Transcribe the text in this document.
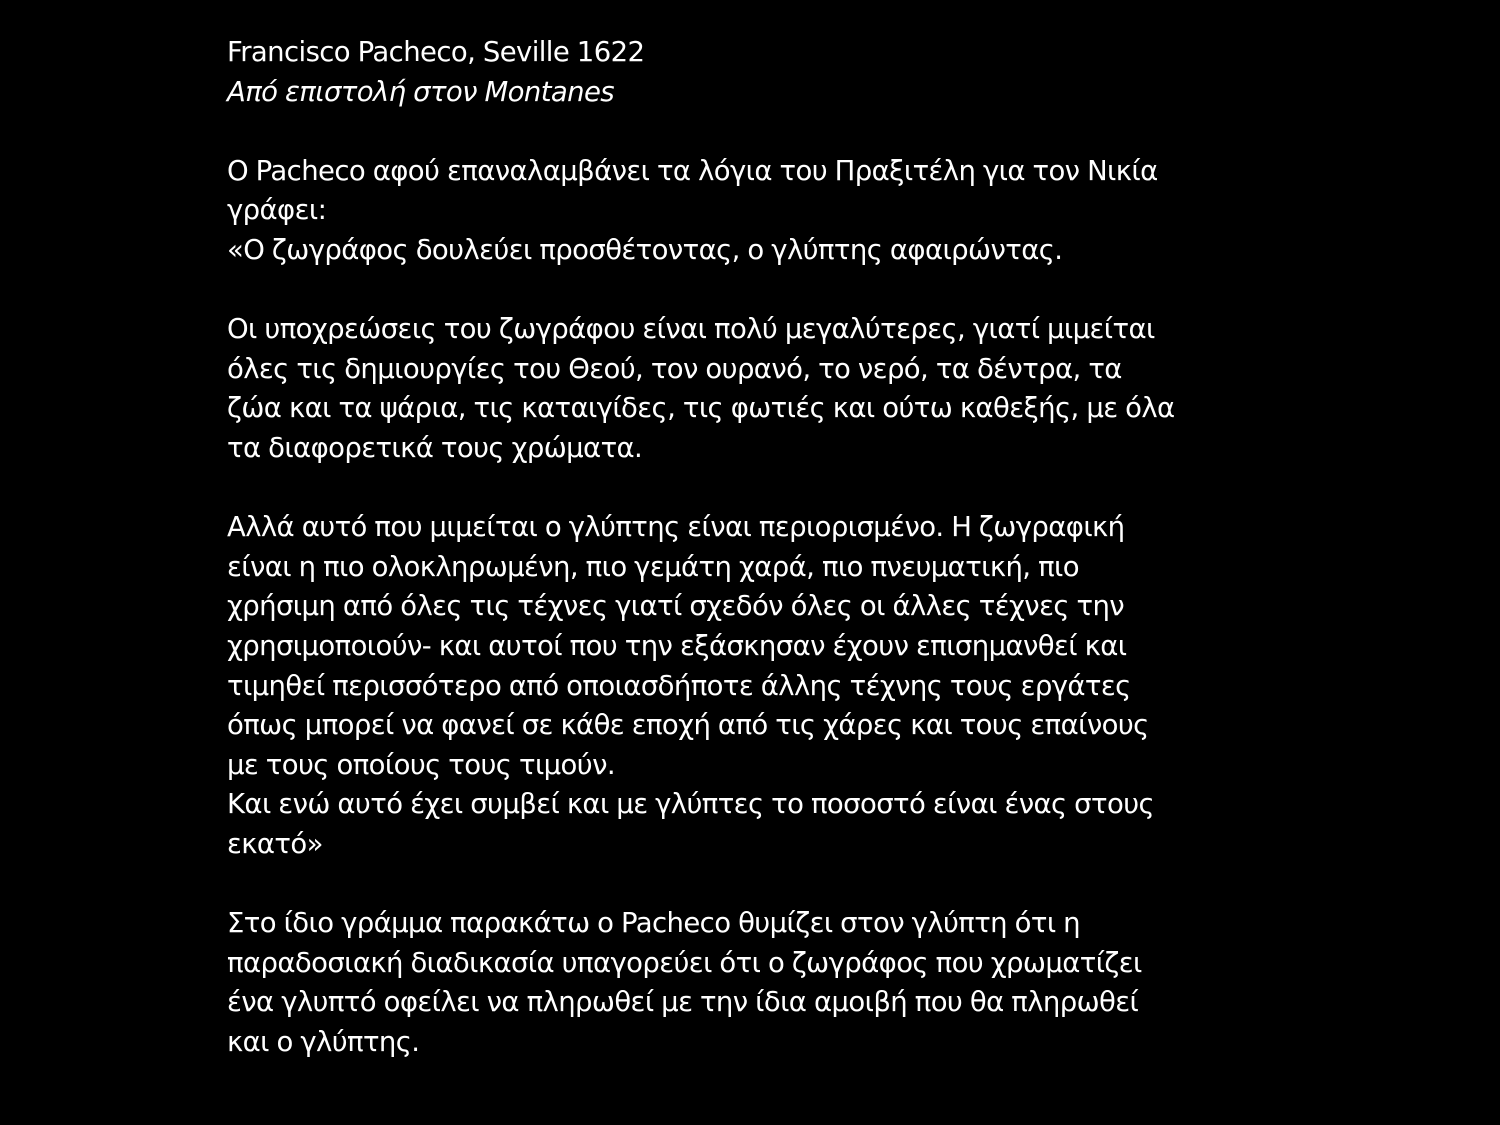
Francisco Pacheco, Seville 1622
Από επιστολή στον Montanes
O Pacheco αφού επαναλαμβάνει τα λόγια του Πραξιτέλη για τον Νικία
γράφει:
«Ο ζωγράφος δουλεύει προσθέτοντας, ο γλύπτης αφαιρώντας.
Οι υποχρεώσεις του ζωγράφου είναι πολύ μεγαλύτερες, γιατί μιμείται
όλες τις δημιουργίες του Θεού, τον ουρανό, το νερό, τα δέντρα, τα
ζώα και τα ψάρια, τις καταιγίδες, τις φωτιές και ούτω καθεξής, με όλα
τα διαφορετικά τους χρώματα.
Αλλά αυτό που μιμείται ο γλύπτης είναι περιορισμένο. Η ζωγραφική
είναι η πιο ολοκληρωμένη, πιο γεμάτη χαρά, πιο πνευματική, πιο
χρήσιμη από όλες τις τέχνες γιατί σχεδόν όλες οι άλλες τέχνες την
χρησιμοποιούν- και αυτοί που την εξάσκησαν έχουν επισημανθεί και
τιμηθεί περισσότερο από οποιασδήποτε άλλης τέχνης τους εργάτες
όπως μπορεί να φανεί σε κάθε εποχή από τις χάρες και τους επαίνους
με τους οποίους τους τιμούν.
Και ενώ αυτό έχει συμβεί και με γλύπτες το ποσοστό είναι ένας στους
εκατό»
Στο ίδιο γράμμα παρακάτω ο Pacheco θυμίζει στον γλύπτη ότι η
παραδοσιακή διαδικασία υπαγορεύει ότι ο ζωγράφος που χρωματίζει
ένα γλυπτό οφείλει να πληρωθεί με την ίδια αμοιβή που θα πληρωθεί
και ο γλύπτης.
